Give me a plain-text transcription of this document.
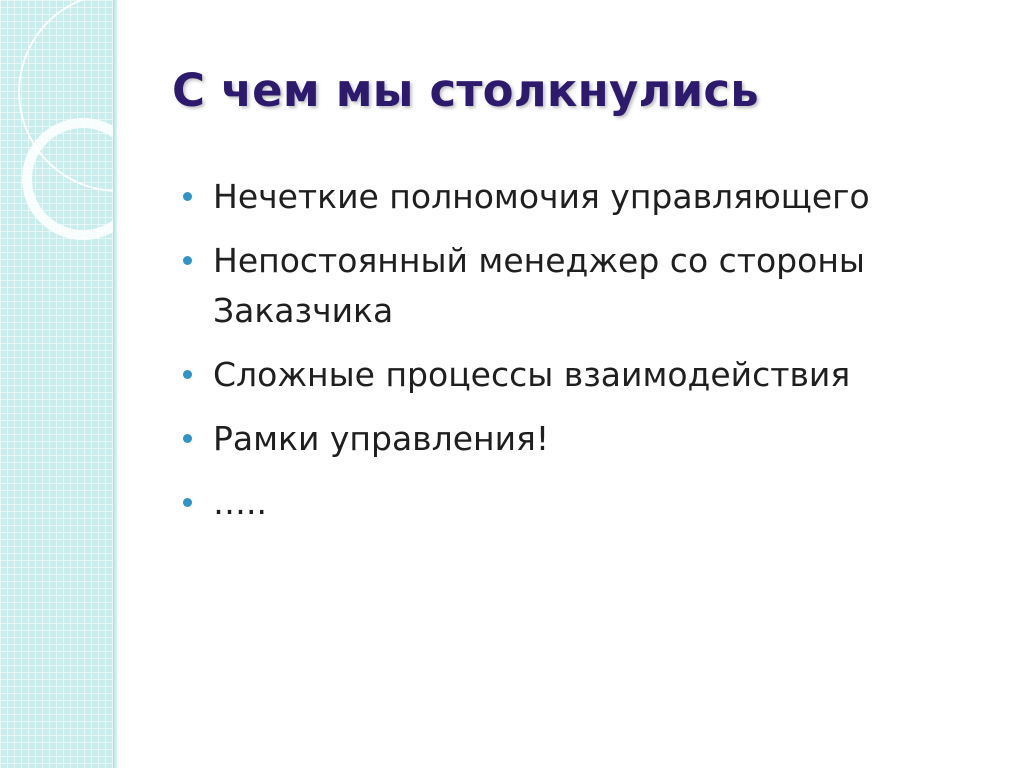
С чем мы столкнулись
Нечеткие полномочия управляющего
Непостоянный менеджер со стороны Заказчика
Сложные процессы взаимодействия
Рамки управления!
…..
